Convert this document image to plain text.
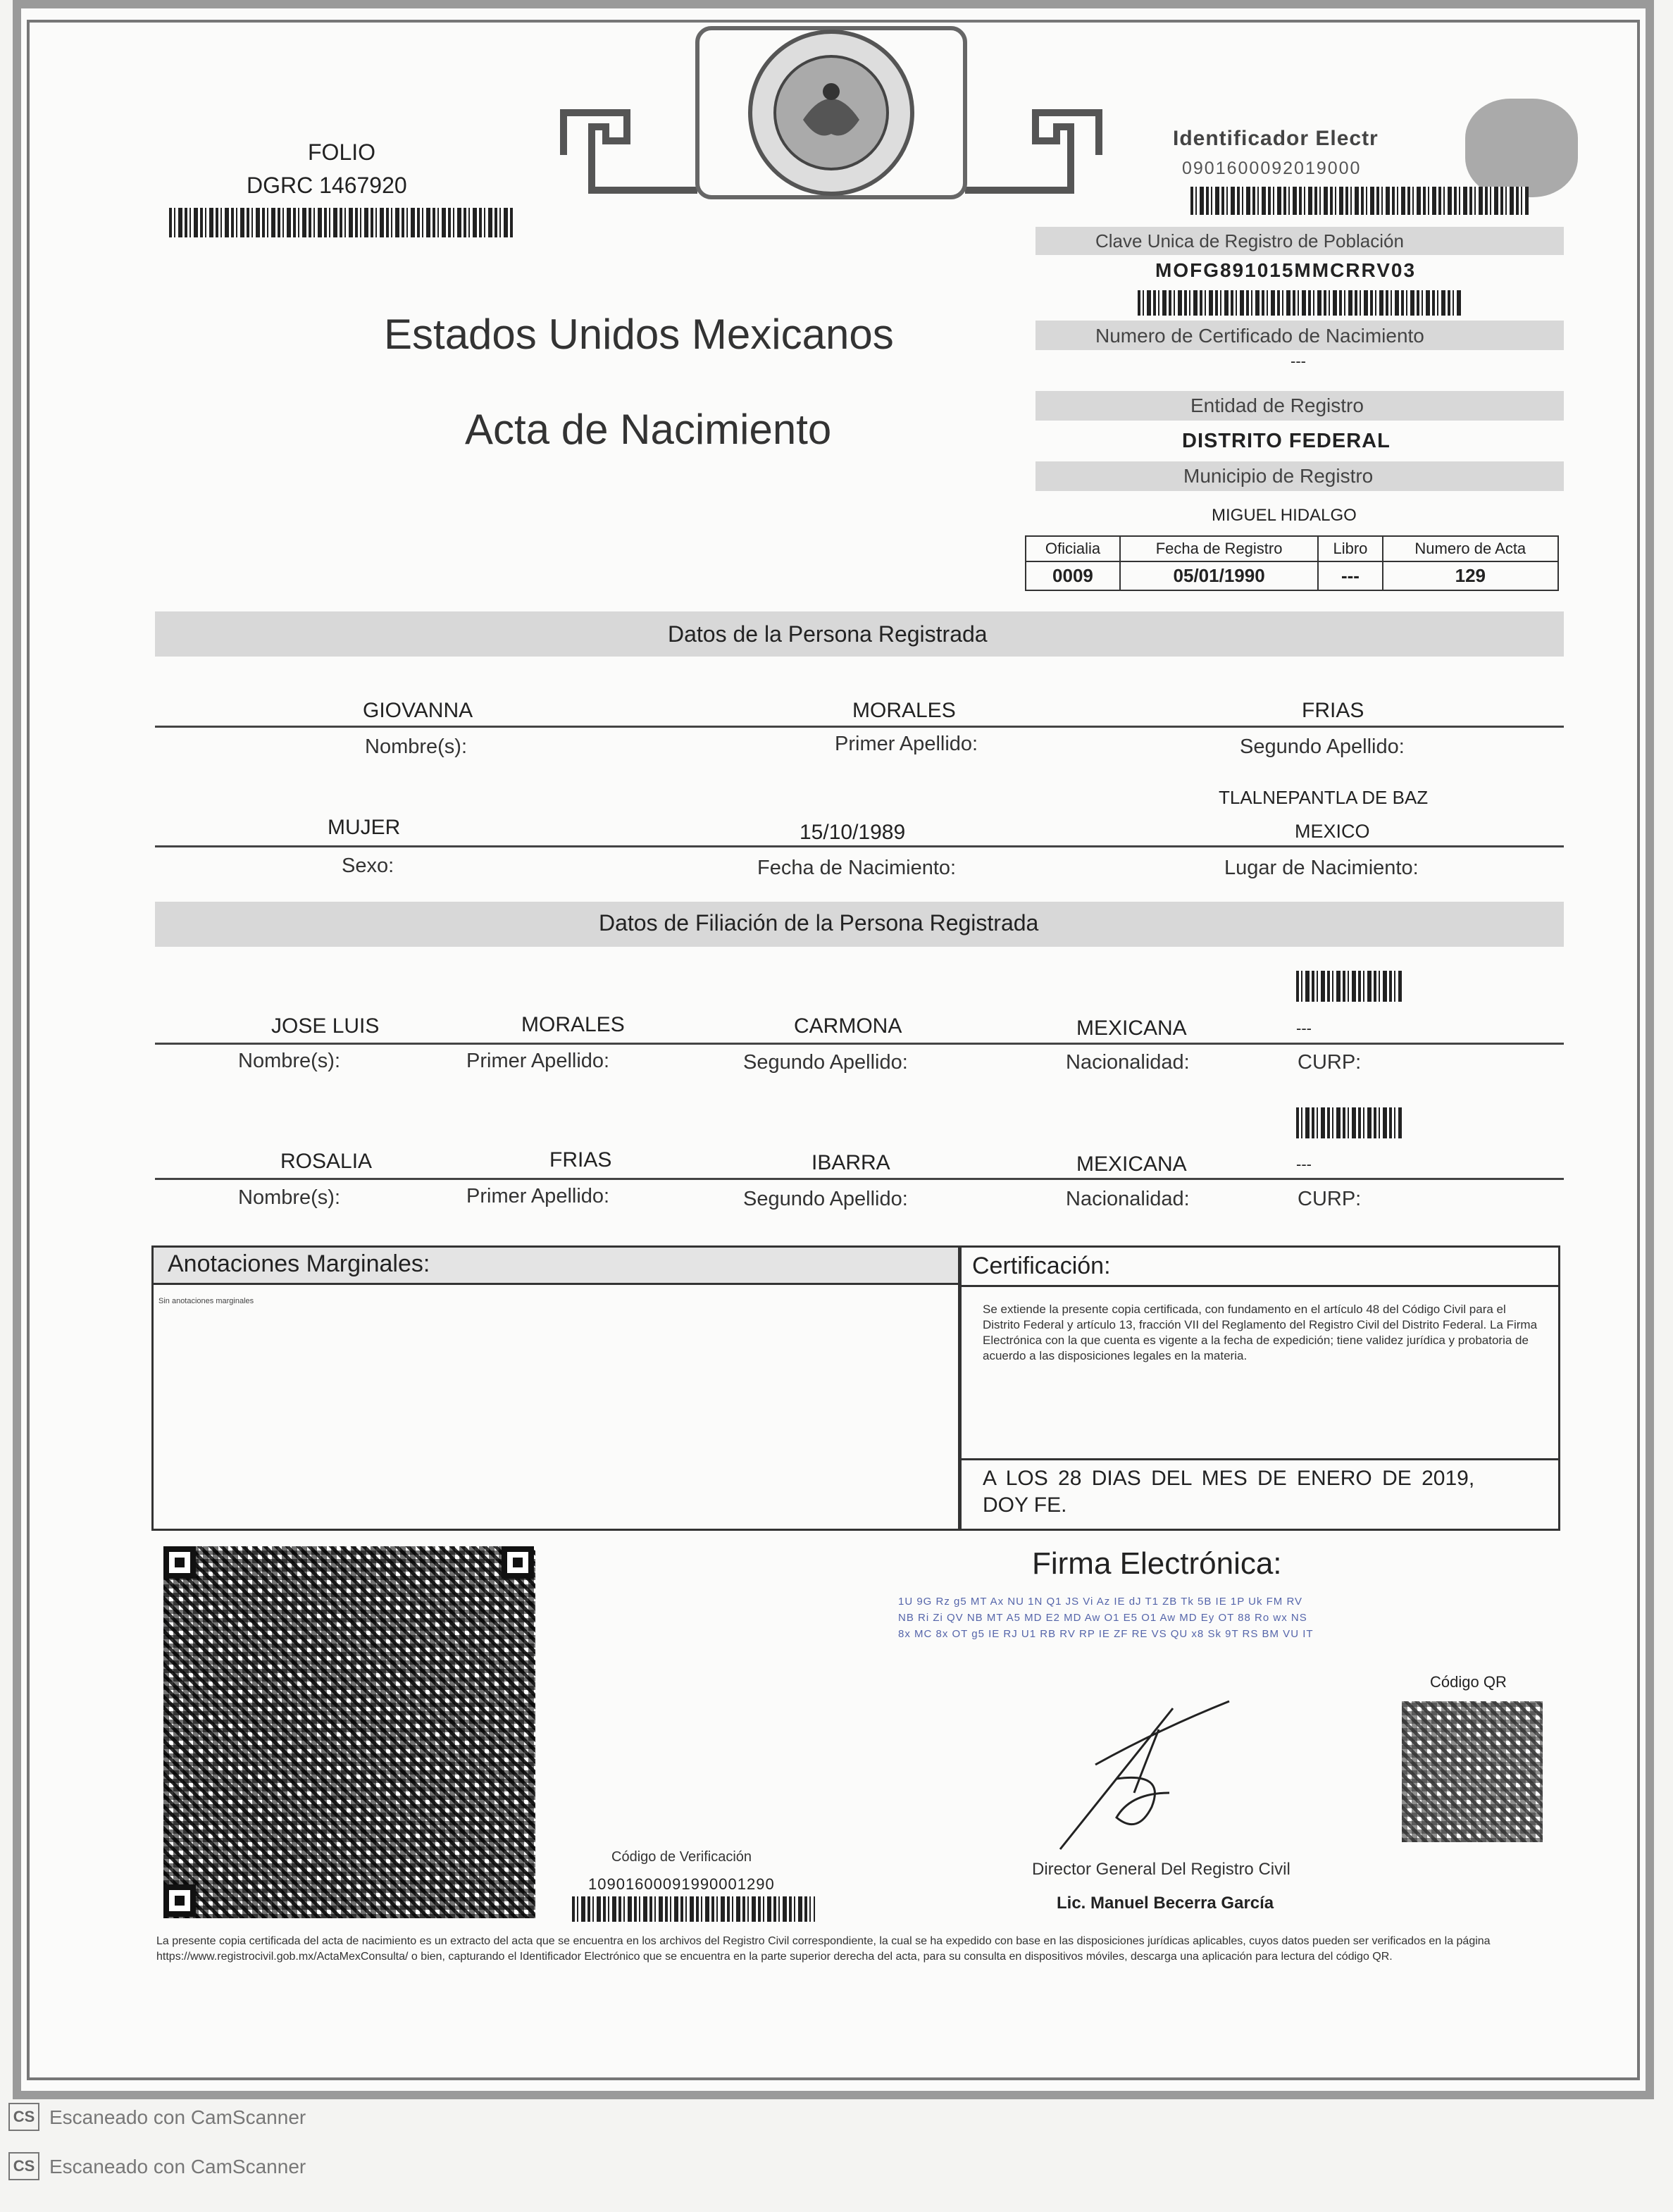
FOLIO
DGRC 1467920
Identificador Electr
0901600092019000
Clave Unica de Registro de Población
MOFG891015MMCRRV03
Numero de Certificado de Nacimiento
---
Entidad de Registro
DISTRITO FEDERAL
Municipio de Registro
MIGUEL HIDALGO
Oficialia	Fecha de Registro	Libro	Numero de Acta
0009	05/01/1990	---	129
Estados Unidos Mexicanos
Acta de Nacimiento
Datos de la Persona Registrada
GIOVANNA	MORALES	FRIAS
Nombre(s):	Primer Apellido:	Segundo Apellido:
TLALNEPANTLA DE BAZ
MUJER	15/10/1989	MEXICO
Sexo:	Fecha de Nacimiento:	Lugar de Nacimiento:
Datos de Filiación de la Persona Registrada
JOSE LUIS	MORALES	CARMONA	MEXICANA	---
Nombre(s):	Primer Apellido:	Segundo Apellido:	Nacionalidad:	CURP:
ROSALIA	FRIAS	IBARRA	MEXICANA	---
Nombre(s):	Primer Apellido:	Segundo Apellido:	Nacionalidad:	CURP:
Anotaciones Marginales:
Sin anotaciones marginales
Certificación:
Se extiende la presente copia certificada, con fundamento en el artículo 48 del Código Civil para el Distrito Federal y artículo 13, fracción VII del Reglamento del Registro Civil del Distrito Federal. La Firma Electrónica con la que cuenta es vigente a la fecha de expedición; tiene validez jurídica y probatoria de acuerdo a las disposiciones legales en la materia.
A LOS 28 DIAS DEL MES DE ENERO DE 2019,
DOY FE.
Código de Verificación
10901600091990001290
Firma Electrónica:
1U 9G Rz g5 MT Ax NU 1N Q1 JS Vi Az IE dJ T1 ZB Tk 5B IE 1P Uk FM RV
NB Ri Zi QV NB MT A5 MD E2 MD Aw O1 E5 O1 Aw MD Ey OT 88 Ro wx NS
8x MC 8x OT g5 IE RJ U1 RB RV RP IE ZF RE VS QU x8 Sk 9T RS BM VU IT
Código QR
Director General Del Registro Civil
Lic. Manuel Becerra García
La presente copia certificada del acta de nacimiento es un extracto del acta que se encuentra en los archivos del Registro Civil correspondiente, la cual se ha expedido con base en las disposiciones jurídicas aplicables, cuyos datos pueden ser verificados en la página https://www.registrocivil.gob.mx/ActaMexConsulta/ o bien, capturando el Identificador Electrónico que se encuentra en la parte superior derecha del acta, para su consulta en dispositivos móviles, descarga una aplicación para lectura del código QR.
CS Escaneado con CamScanner
CS Escaneado con CamScanner
